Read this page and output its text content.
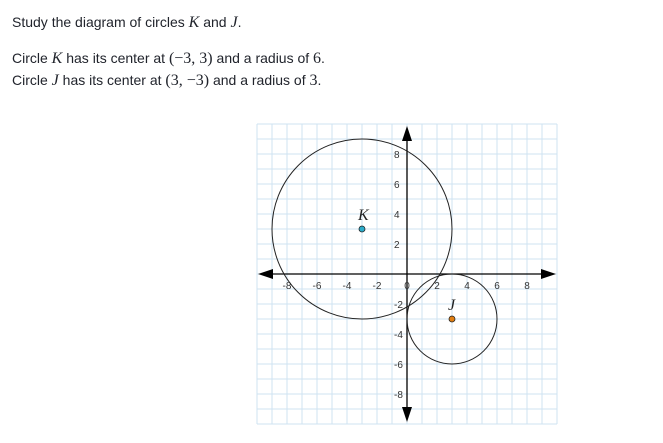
Study the diagram of circles K and J.
Circle K has its center at (−3, 3) and a radius of 6.
Circle J has its center at (3, −3) and a radius of 3.
-8 -6 -4 -2 0 2 4 6 8
8
6
4
2
-2
-4
-6
-8
K
J
